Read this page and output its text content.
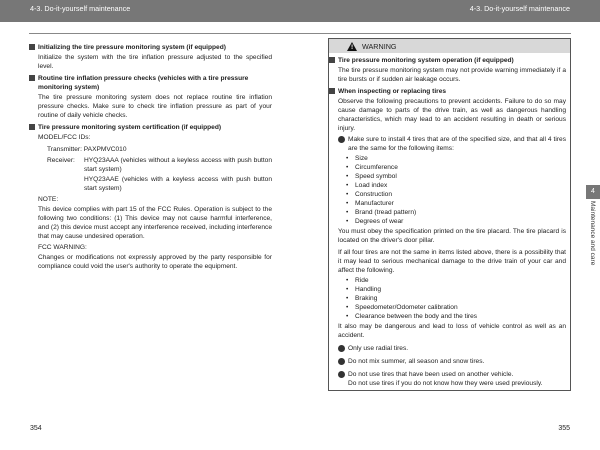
4-3. Do-it-yourself maintenance	4-3. Do-it-yourself maintenance
Initializing the tire pressure monitoring system (if equipped)
Initialize the system with the tire inflation pressure adjusted to the specified level.
Routine tire inflation pressure checks (vehicles with a tire pressure monitoring system)
The tire pressure monitoring system does not replace routine tire inflation pressure checks. Make sure to check tire inflation pressure as part of your routine of daily vehicle checks.
Tire pressure monitoring system certification (if equipped)
MODEL/FCC IDs:
Transmitter: PAXPMVC010
Receiver:	HYQ23AAA (vehicles without a keyless access with push button start system)
HYQ23AAE (vehicles with a keyless access with push button start system)
NOTE:
This device complies with part 15 of the FCC Rules. Operation is subject to the following two conditions: (1) This device may not cause harmful interference, and (2) this device must accept any interference received, including interference that may cause undesired operation.
FCC WARNING:
Changes or modifications not expressly approved by the party responsible for compliance could void the user's authority to operate the equipment.
! WARNING
Tire pressure monitoring system operation (if equipped)
The tire pressure monitoring system may not provide warning immediately if a tire bursts or if sudden air leakage occurs.
When inspecting or replacing tires
Observe the following precautions to prevent accidents. Failure to do so may cause damage to parts of the drive train, as well as dangerous handling characteristics, which may lead to an accident resulting in death or serious injury.
Make sure to install 4 tires that are of the specified size, and that all 4 tires are the same for the following items:
• Size
• Circumference
• Speed symbol
• Load index
• Construction
• Manufacturer
• Brand (tread pattern)
• Degrees of wear
You must obey the specification printed on the tire placard. The tire placard is located on the driver's door pillar.
If all four tires are not the same in items listed above, there is a possibility that it may lead to serious mechanical damage to the drive train of your car and affect the following.
• Ride
• Handling
• Braking
• Speedometer/Odometer calibration
• Clearance between the body and the tires
It also may be dangerous and lead to loss of vehicle control as well as an accident.
Only use radial tires.
Do not mix summer, all season and snow tires.
Do not use tires that have been used on another vehicle.
Do not use tires if you do not know how they were used previously.
4
Maintenance and care
354	355
